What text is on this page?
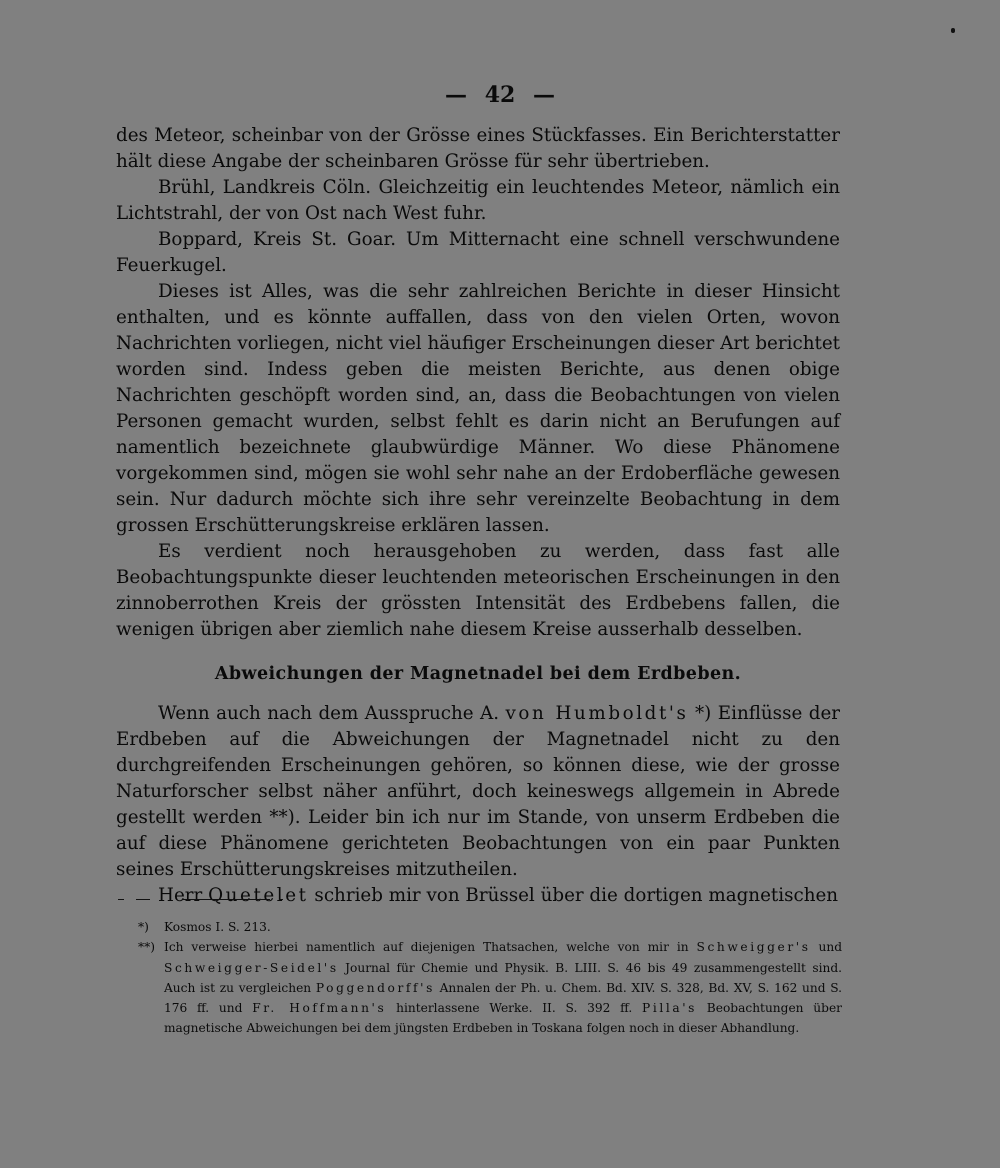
— 42 —

des Meteor, scheinbar von der Grösse eines Stückfasses. Ein Berichterstatter hält diese Angabe der scheinbaren Grösse für sehr übertrieben.

Brühl, Landkreis Cöln. Gleichzeitig ein leuchtendes Meteor, nämlich ein Lichtstrahl, der von Ost nach West fuhr.

Boppard, Kreis St. Goar. Um Mitternacht eine schnell verschwundene Feuerkugel.

Dieses ist Alles, was die sehr zahlreichen Berichte in dieser Hinsicht enthalten, und es könnte auffallen, dass von den vielen Orten, wovon Nachrichten vorliegen, nicht viel häufiger Erscheinungen dieser Art berichtet worden sind. Indess geben die meisten Berichte, aus denen obige Nachrichten geschöpft worden sind, an, dass die Beobachtungen von vielen Personen gemacht wurden, selbst fehlt es darin nicht an Berufungen auf namentlich bezeichnete glaubwürdige Männer. Wo diese Phänomene vorgekommen sind, mögen sie wohl sehr nahe an der Erdoberfläche gewesen sein. Nur dadurch möchte sich ihre sehr vereinzelte Beobachtung in dem grossen Erschütterungskreise erklären lassen.

Es verdient noch herausgehoben zu werden, dass fast alle Beobachtungspunkte dieser leuchtenden meteorischen Erscheinungen in den zinnoberrothen Kreis der grössten Intensität des Erdbebens fallen, die wenigen übrigen aber ziemlich nahe diesem Kreise ausserhalb desselben.

Abweichungen der Magnetnadel bei dem Erdbeben.

Wenn auch nach dem Ausspruche A. von Humboldt's *) Einflüsse der Erdbeben auf die Abweichungen der Magnetnadel nicht zu den durchgreifenden Erscheinungen gehören, so können diese, wie der grosse Naturforscher selbst näher anführt, doch keineswegs allgemein in Abrede gestellt werden **). Leider bin ich nur im Stande, von unserm Erdbeben die auf diese Phänomene gerichteten Beobachtungen von ein paar Punkten seines Erschütterungskreises mitzutheilen.

Herr Quetelet schrieb mir von Brüssel über die dortigen magnetischen

*)	Kosmos I. S. 213.
**) Ich verweise hierbei namentlich auf diejenigen Thatsachen, welche von mir in Schweigger's und Schweigger-Seidel's Journal für Chemie und Physik. B. LIII. S. 46 bis 49 zusammengestellt sind. Auch ist zu vergleichen Poggendorff's Annalen der Ph. u. Chem. Bd. XIV. S. 328, Bd. XV, S. 162 und S. 176 ff. und Fr. Hoffmann's hinterlassene Werke. II. S. 392 ff. Pilla's Beobachtungen über magnetische Abweichungen bei dem jüngsten Erdbeben in Toskana folgen noch in dieser Abhandlung.
